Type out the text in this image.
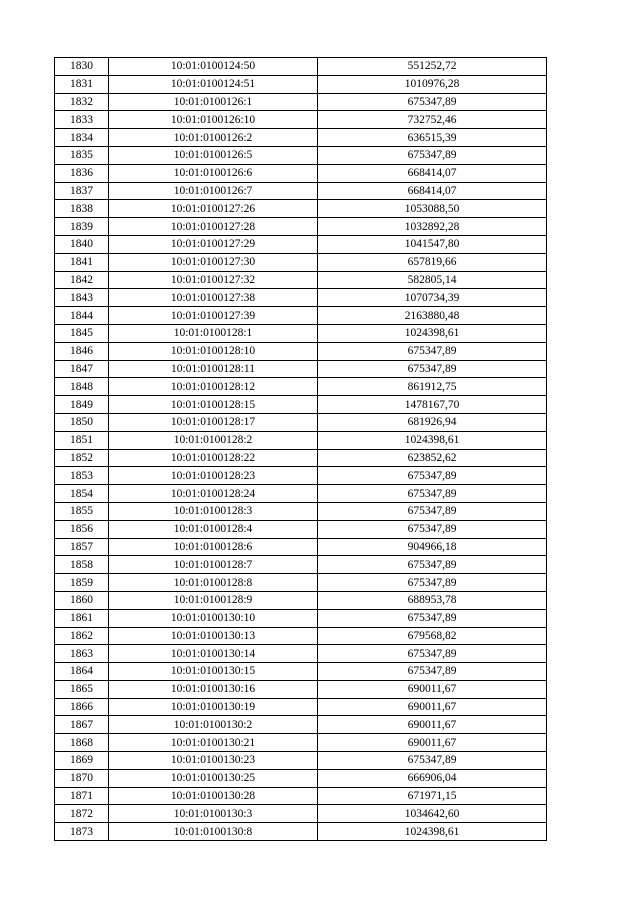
1830	10:01:0100124:50	551252,72
1831	10:01:0100124:51	1010976,28
1832	10:01:0100126:1	675347,89
1833	10:01:0100126:10	732752,46
1834	10:01:0100126:2	636515,39
1835	10:01:0100126:5	675347,89
1836	10:01:0100126:6	668414,07
1837	10:01:0100126:7	668414,07
1838	10:01:0100127:26	1053088,50
1839	10:01:0100127:28	1032892,28
1840	10:01:0100127:29	1041547,80
1841	10:01:0100127:30	657819,66
1842	10:01:0100127:32	582805,14
1843	10:01:0100127:38	1070734,39
1844	10:01:0100127:39	2163880,48
1845	10:01:0100128:1	1024398,61
1846	10:01:0100128:10	675347,89
1847	10:01:0100128:11	675347,89
1848	10:01:0100128:12	861912,75
1849	10:01:0100128:15	1478167,70
1850	10:01:0100128:17	681926,94
1851	10:01:0100128:2	1024398,61
1852	10:01:0100128:22	623852,62
1853	10:01:0100128:23	675347,89
1854	10:01:0100128:24	675347,89
1855	10:01:0100128:3	675347,89
1856	10:01:0100128:4	675347,89
1857	10:01:0100128:6	904966,18
1858	10:01:0100128:7	675347,89
1859	10:01:0100128:8	675347,89
1860	10:01:0100128:9	688953,78
1861	10:01:0100130:10	675347,89
1862	10:01:0100130:13	679568,82
1863	10:01:0100130:14	675347,89
1864	10:01:0100130:15	675347,89
1865	10:01:0100130:16	690011,67
1866	10:01:0100130:19	690011,67
1867	10:01:0100130:2	690011,67
1868	10:01:0100130:21	690011,67
1869	10:01:0100130:23	675347,89
1870	10:01:0100130:25	666906,04
1871	10:01:0100130:28	671971,15
1872	10:01:0100130:3	1034642,60
1873	10:01:0100130:8	1024398,61
